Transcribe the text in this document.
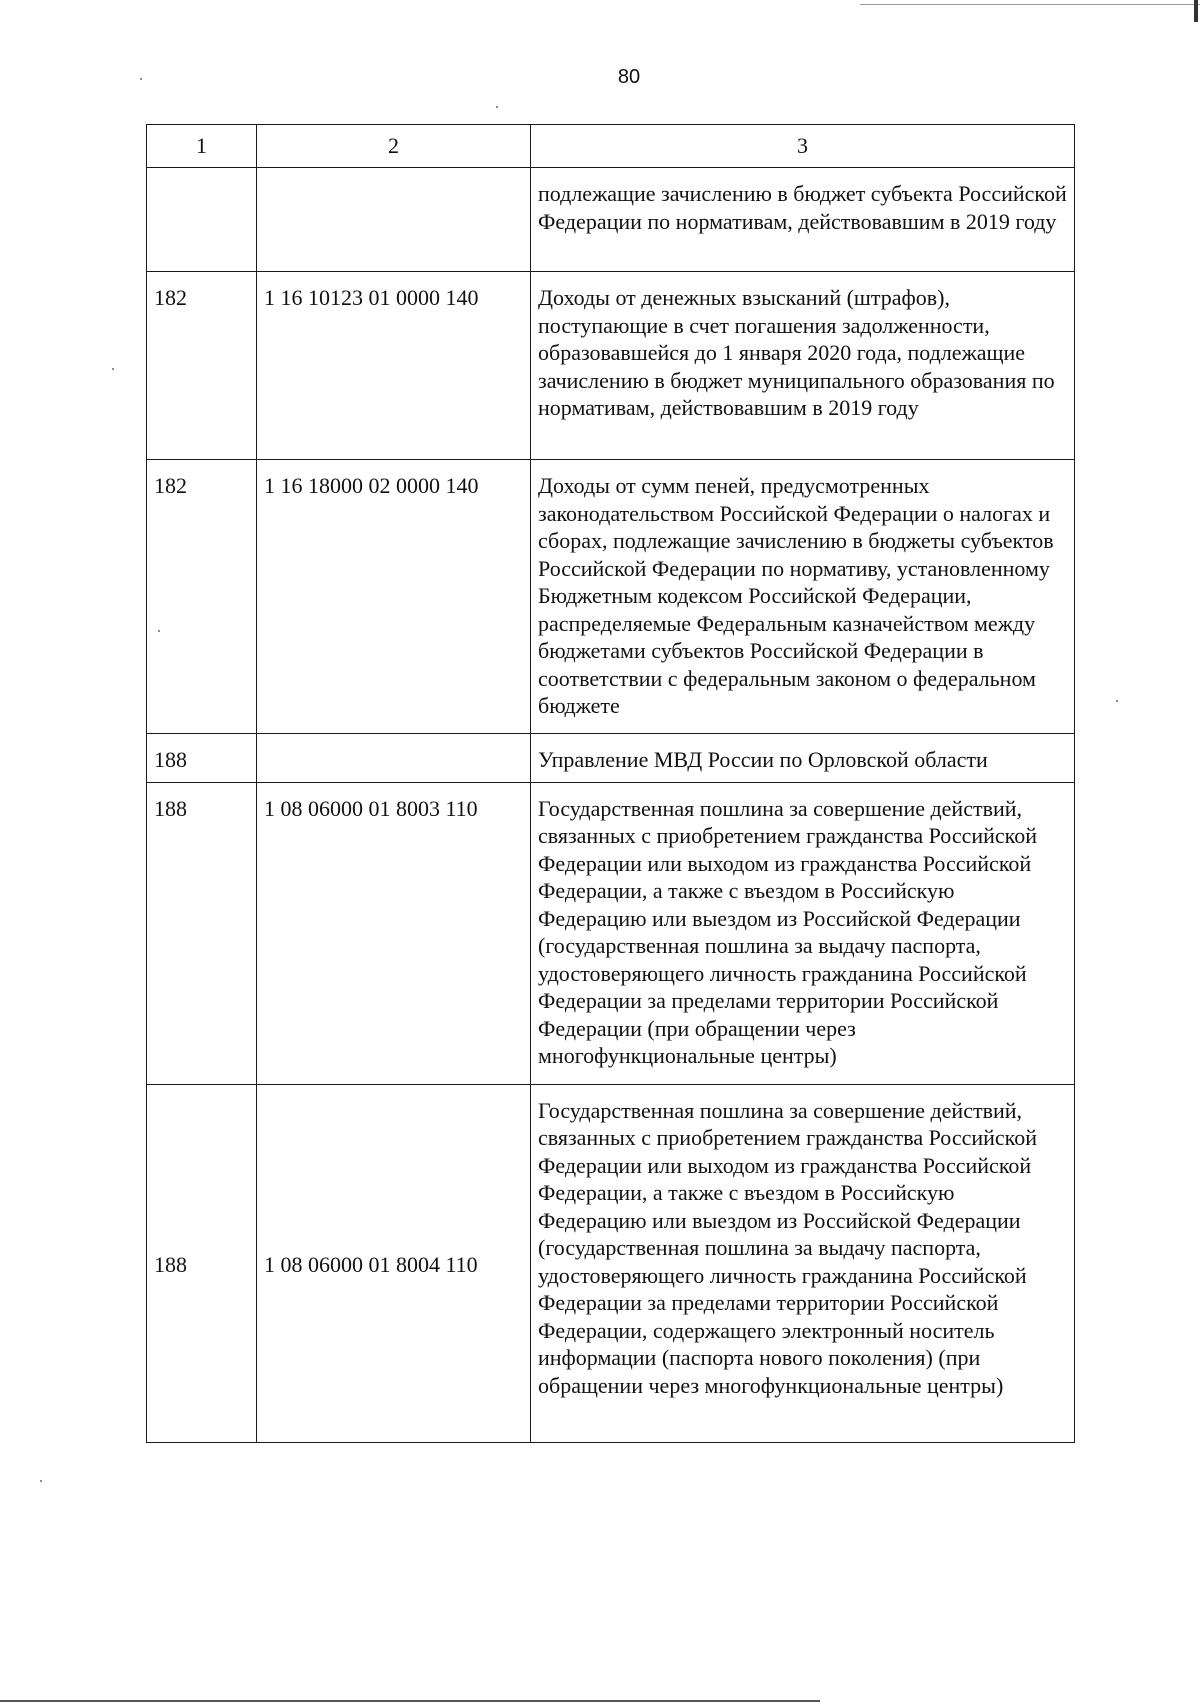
80
1	2	3
		подлежащие зачислению в бюджет субъекта Российской Федерации по нормативам, действовавшим в 2019 году
182	1 16 10123 01 0000 140	Доходы от денежных взысканий (штрафов), поступающие в счет погашения задолженности, образовавшейся до 1 января 2020 года, подлежащие зачислению в бюджет муниципального образования по нормативам, действовавшим в 2019 году
182	1 16 18000 02 0000 140	Доходы от сумм пеней, предусмотренных законодательством Российской Федерации о налогах и сборах, подлежащие зачислению в бюджеты субъектов Российской Федерации по нормативу, установленному Бюджетным кодексом Российской Федерации, распределяемые Федеральным казначейством между бюджетами субъектов Российской Федерации в соответствии с федеральным законом о федеральном бюджете
188		Управление МВД России по Орловской области
188	1 08 06000 01 8003 110	Государственная пошлина за совершение действий, связанных с приобретением гражданства Российской Федерации или выходом из гражданства Российской Федерации, а также с въездом в Российскую Федерацию или выездом из Российской Федерации (государственная пошлина за выдачу паспорта, удостоверяющего личность гражданина Российской Федерации за пределами территории Российской Федерации (при обращении через многофункциональные центры)
188	1 08 06000 01 8004 110	Государственная пошлина за совершение действий, связанных с приобретением гражданства Российской Федерации или выходом из гражданства Российской Федерации, а также с въездом в Российскую Федерацию или выездом из Российской Федерации (государственная пошлина за выдачу паспорта, удостоверяющего личность гражданина Российской Федерации за пределами территории Российской Федерации, содержащего электронный носитель информации (паспорта нового поколения) (при обращении через многофункциональные центры)
